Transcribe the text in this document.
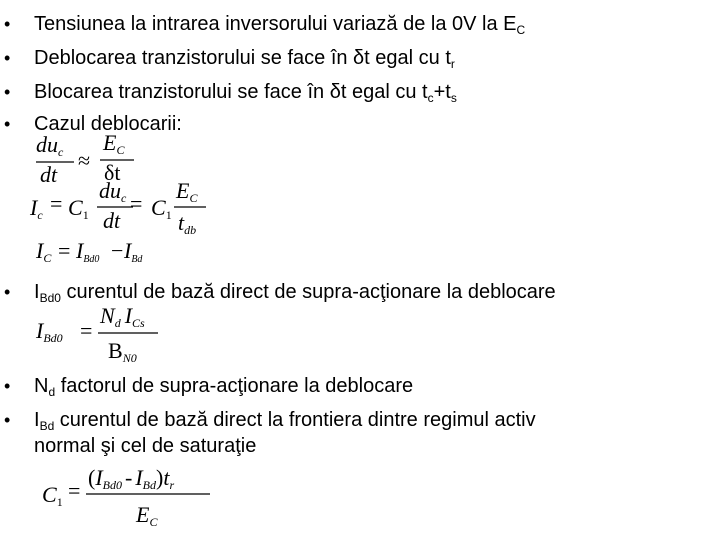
• Tensiunea la intrarea inversorului variază de la 0V la $E_C$
• Deblocarea tranzistorului se face în δt egal cu $t_r$
• Blocarea tranzistorului se face în δt egal cu $t_c+t_s$
• Cazul deblocarii:
duc
dt
≈
EC
δt
Ic = C1
duc
dt
= C1
EC
tdb
IC = IBd0 − IBd
• $I_{Bd0}$ curentul de bază direct de supra-acţionare la deblocare
IBd0 =
Nd ICs
BN0
• $N_d$ factorul de supra-acţionare la deblocare
• $I_{Bd}$ curentul de bază direct la frontiera dintre regimul activ
normal şi cel de saturaţie
C1 =
(IBd0 - IBd)tr
EC
